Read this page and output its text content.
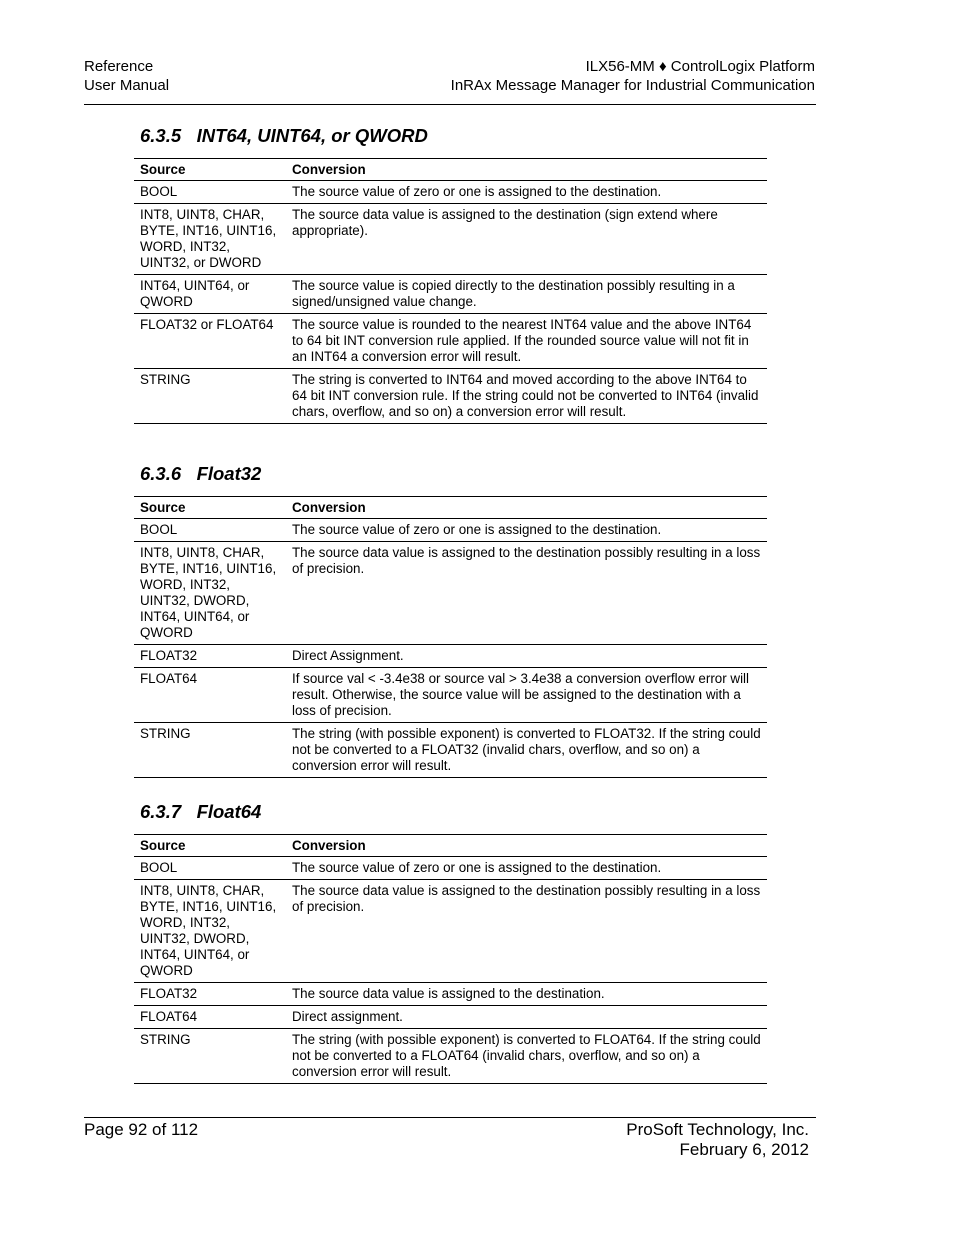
Reference
User Manual
ILX56-MM ♦ ControlLogix Platform
InRAx Message Manager for Industrial Communication
6.3.5   INT64, UINT64, or QWORD
Source	Conversion
BOOL	The source value of zero or one is assigned to the destination.
INT8, UINT8, CHAR, BYTE, INT16, UINT16, WORD, INT32, UINT32, or DWORD	The source data value is assigned to the destination (sign extend where appropriate).
INT64, UINT64, or QWORD	The source value is copied directly to the destination possibly resulting in a signed/unsigned value change.
FLOAT32 or FLOAT64	The source value is rounded to the nearest INT64 value and the above INT64 to 64 bit INT conversion rule applied. If the rounded source value will not fit in an INT64 a conversion error will result.
STRING	The string is converted to INT64 and moved according to the above INT64 to 64 bit INT conversion rule. If the string could not be converted to INT64 (invalid chars, overflow, and so on) a conversion error will result.
6.3.6   Float32
Source	Conversion
BOOL	The source value of zero or one is assigned to the destination.
INT8, UINT8, CHAR, BYTE, INT16, UINT16, WORD, INT32, UINT32, DWORD, INT64, UINT64, or QWORD	The source data value is assigned to the destination possibly resulting in a loss of precision.
FLOAT32	Direct Assignment.
FLOAT64	If source val < -3.4e38 or source val > 3.4e38 a conversion overflow error will result. Otherwise, the source value will be assigned to the destination with a loss of precision.
STRING	The string (with possible exponent) is converted to FLOAT32. If the string could not be converted to a FLOAT32 (invalid chars, overflow, and so on) a conversion error will result.
6.3.7   Float64
Source	Conversion
BOOL	The source value of zero or one is assigned to the destination.
INT8, UINT8, CHAR, BYTE, INT16, UINT16, WORD, INT32, UINT32, DWORD, INT64, UINT64, or QWORD	The source data value is assigned to the destination possibly resulting in a loss of precision.
FLOAT32	The source data value is assigned to the destination.
FLOAT64	Direct assignment.
STRING	The string (with possible exponent) is converted to FLOAT64. If the string could not be converted to a FLOAT64 (invalid chars, overflow, and so on) a conversion error will result.
Page 92 of 112	ProSoft Technology, Inc.
February 6, 2012
